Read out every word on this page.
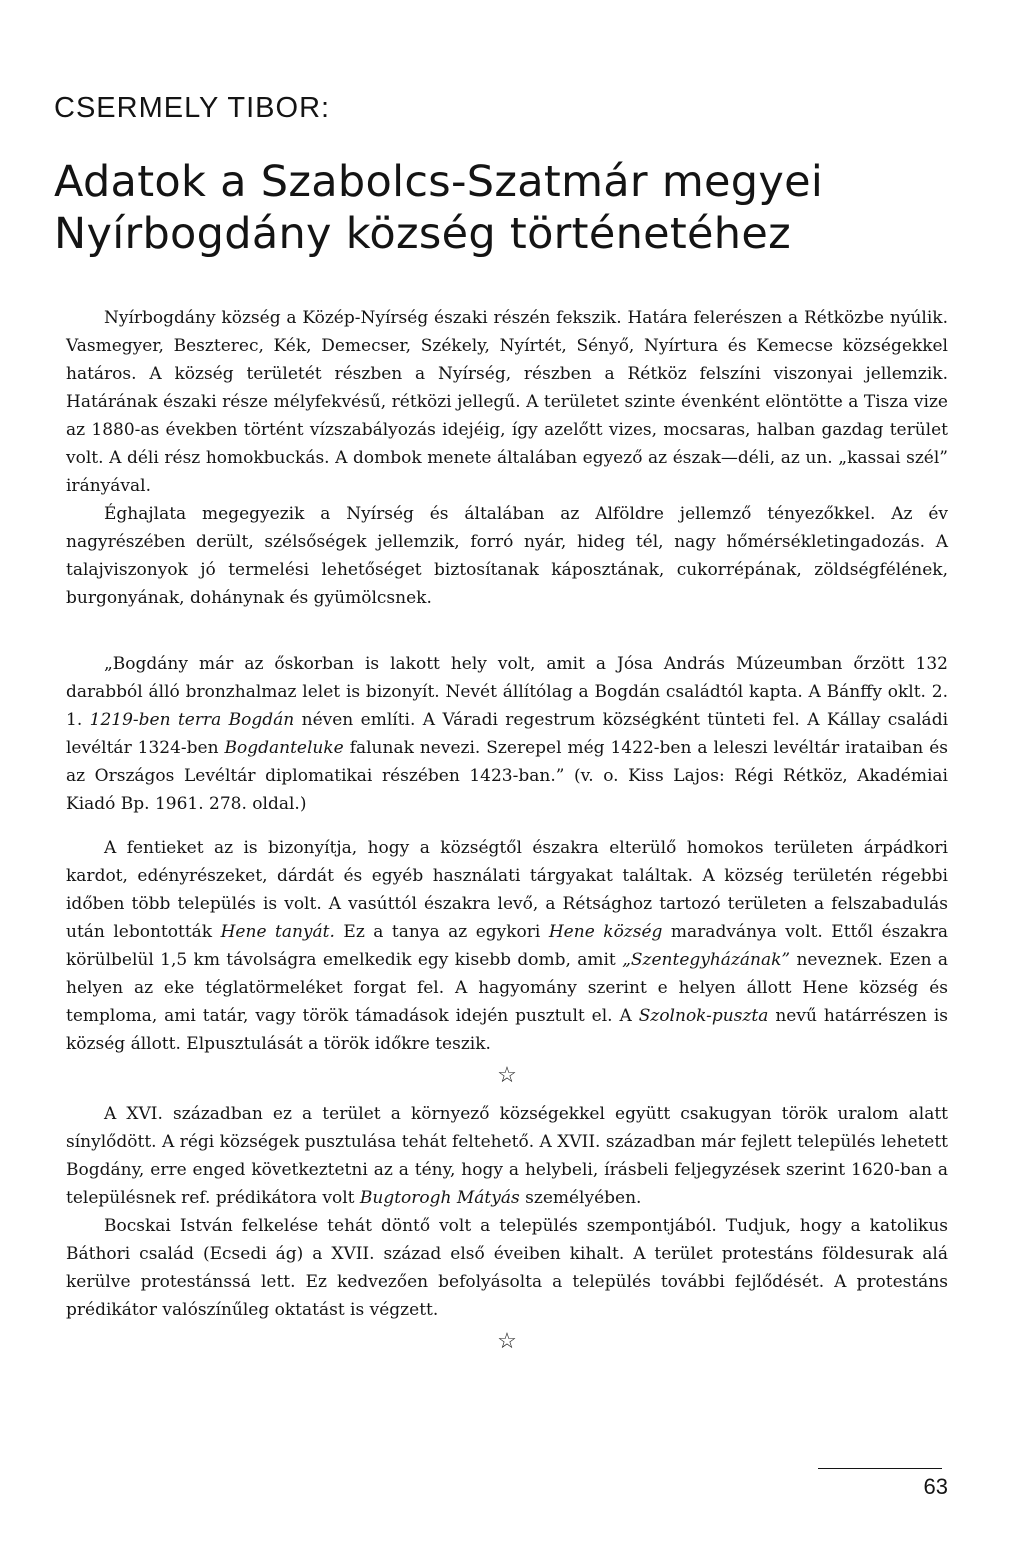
CSERMELY TIBOR:

Adatok a Szabolcs-Szatmár megyei
Nyírbogdány község történetéhez

Nyírbogdány község a Közép-Nyírség északi részén fekszik. Határa felerészen a Rétközbe nyúlik. Vasmegyer, Beszterec, Kék, Demecser, Székely, Nyírtét, Sényő, Nyírtura és Kemecse községekkel határos. A község területét részben a Nyírség, részben a Rétköz felszíni viszonyai jellemzik. Határának északi része mélyfekvésű, rétközi jellegű. A területet szinte évenként elöntötte a Tisza vize az 1880-as években történt vízszabályozás idejéig, így azelőtt vizes, mocsaras, halban gazdag terület volt. A déli rész homokbuckás. A dombok menete általában egyező az észak—déli, az un. „kassai szél” irányával.

Éghajlata megegyezik a Nyírség és általában az Alföldre jellemző tényezőkkel. Az év nagyrészében derült, szélsőségek jellemzik, forró nyár, hideg tél, nagy hőmérsékletingadozás. A talajviszonyok jó termelési lehetőséget biztosítanak káposztának, cukorrépának, zöldségfélének, burgonyának, dohánynak és gyümölcsnek.

„Bogdány már az őskorban is lakott hely volt, amit a Jósa András Múzeumban őrzött 132 darabból álló bronzhalmaz lelet is bizonyít. Nevét állítólag a Bogdán családtól kapta. A Bánffy oklt. 2. 1. 1219-ben terra Bogdán néven említi. A Váradi regestrum községként tünteti fel. A Kállay családi levéltár 1324-ben Bogdanteluke falunak nevezi. Szerepel még 1422-ben a leleszi levéltár irataiban és az Országos Levéltár diplomatikai részében 1423-ban.” (v. o. Kiss Lajos: Régi Rétköz, Akadémiai Kiadó Bp. 1961. 278. oldal.)

A fentieket az is bizonyítja, hogy a községtől északra elterülő homokos területen árpádkori kardot, edényrészeket, dárdát és egyéb használati tárgyakat találtak. A község területén régebbi időben több település is volt. A vasúttól északra levő, a Rétsághoz tartozó területen a felszabadulás után lebontották Hene tanyát. Ez a tanya az egykori Hene község maradványa volt. Ettől északra körülbelül 1,5 km távolságra emelkedik egy kisebb domb, amit „Szentegyházának” neveznek. Ezen a helyen az eke téglatörmeléket forgat fel. A hagyomány szerint e helyen állott Hene község és temploma, ami tatár, vagy török támadások idején pusztult el. A Szolnok-puszta nevű határrészen is község állott. Elpusztulását a török időkre teszik.

☆

A XVI. században ez a terület a környező községekkel együtt csakugyan török uralom alatt sínylődött. A régi községek pusztulása tehát feltehető. A XVII. században már fejlett település lehetett Bogdány, erre enged következtetni az a tény, hogy a helybeli, írásbeli feljegyzések szerint 1620-ban a településnek ref. prédikátora volt Bugtorogh Mátyás személyében.

Bocskai István felkelése tehát döntő volt a település szempontjából. Tudjuk, hogy a katolikus Báthori család (Ecsedi ág) a XVII. század első éveiben kihalt. A terület protestáns földesurak alá kerülve protestánssá lett. Ez kedvezően befolyásolta a település további fejlődését. A protestáns prédikátor valószínűleg oktatást is végzett.

☆

63
